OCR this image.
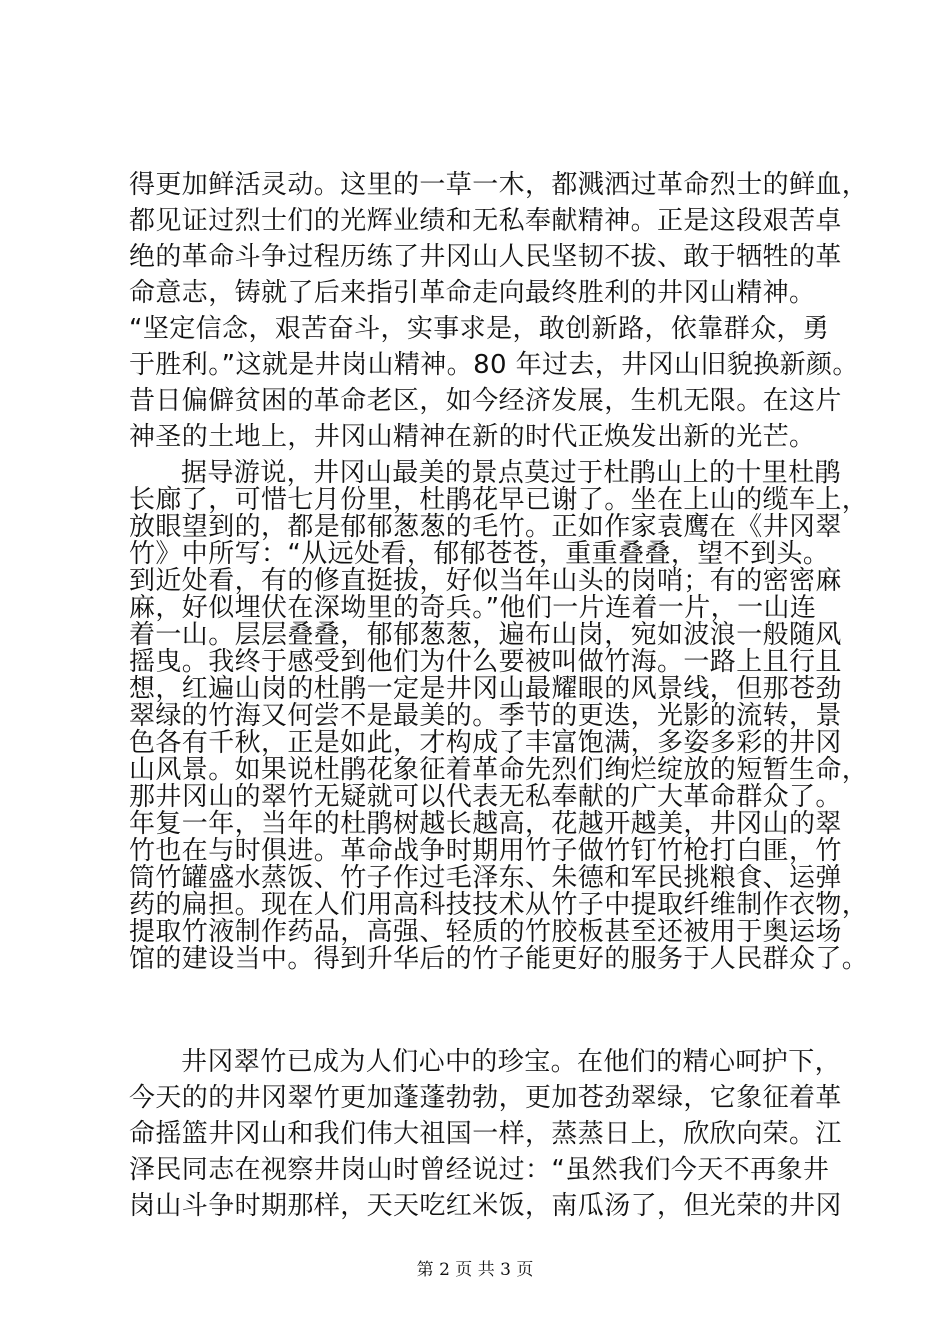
得更加鲜活灵动。这里的一草一木，都溅洒过革命烈士的鲜血，
都见证过烈士们的光辉业绩和无私奉献精神。正是这段艰苦卓
绝的革命斗争过程历练了井冈山人民坚韧不拔、敢于牺牲的革
命意志，铸就了后来指引革命走向最终胜利的井冈山精神。
“坚定信念，艰苦奋斗，实事求是，敢创新路，依靠群众，勇
于胜利。”这就是井岗山精神。80 年过去，井冈山旧貌换新颜。
昔日偏僻贫困的革命老区，如今经济发展，生机无限。在这片
神圣的土地上，井冈山精神在新的时代正焕发出新的光芒。
据导游说，井冈山最美的景点莫过于杜鹃山上的十里杜鹃
长廊了，可惜七月份里，杜鹃花早已谢了。坐在上山的缆车上，
放眼望到的，都是郁郁葱葱的毛竹。正如作家袁鹰在《井冈翠
竹》中所写：“从远处看，郁郁苍苍，重重叠叠，望不到头。
到近处看，有的修直挺拔，好似当年山头的岗哨；有的密密麻
麻，好似埋伏在深坳里的奇兵。”他们一片连着一片，一山连
着一山。层层叠叠，郁郁葱葱，遍布山岗，宛如波浪一般随风
摇曳。我终于感受到他们为什么要被叫做竹海。一路上且行且
想，红遍山岗的杜鹃一定是井冈山最耀眼的风景线，但那苍劲
翠绿的竹海又何尝不是最美的。季节的更迭，光影的流转，景
色各有千秋，正是如此，才构成了丰富饱满，多姿多彩的井冈
山风景。如果说杜鹃花象征着革命先烈们绚烂绽放的短暂生命，
那井冈山的翠竹无疑就可以代表无私奉献的广大革命群众了。
年复一年，当年的杜鹃树越长越高，花越开越美，井冈山的翠
竹也在与时俱进。革命战争时期用竹子做竹钉竹枪打白匪，竹
筒竹罐盛水蒸饭、竹子作过毛泽东、朱德和军民挑粮食、运弹
药的扁担。现在人们用高科技技术从竹子中提取纤维制作衣物，
提取竹液制作药品，高强、轻质的竹胶板甚至还被用于奥运场
馆的建设当中。得到升华后的竹子能更好的服务于人民群众了。
井冈翠竹已成为人们心中的珍宝。在他们的精心呵护下，
今天的的井冈翠竹更加蓬蓬勃勃，更加苍劲翠绿，它象征着革
命摇篮井冈山和我们伟大祖国一样，蒸蒸日上，欣欣向荣。江
泽民同志在视察井岗山时曾经说过：“虽然我们今天不再象井
岗山斗争时期那样，天天吃红米饭，南瓜汤了，但光荣的井冈
第 2 页 共 3 页
